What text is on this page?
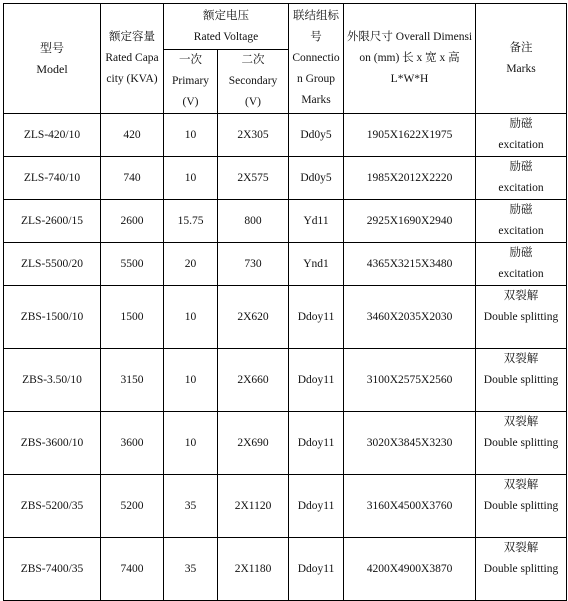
型号
Model	额定容量 Rated Capacity (KVA)	额定电压 Rated Voltage		联结组标号 Connection Group Marks	外限尺寸 Overall Dimension (mm) 长 x 宽 x 高 L*W*H	备注 Marks
		一次 Primary (V)	二次 Secondary (V)			
ZLS-420/10	420	10	2X305	Dd0y5	1905X1622X1975	励磁
excitation

ZLS-740/10	740	10	2X575	Dd0y5	1985X2012X2220	励磁
excitation

ZLS-2600/15	2600	15.75	800	Yd11	2925X1690X2940	励磁
excitation

ZLS-5500/20	5500	20	730	Ynd1	4365X3215X3480	励磁
excitation

ZBS-1500/10	1500	10	2X620	Ddoy11	3460X2035X2030	双裂解
Double splitting

ZBS-3.50/10	3150	10	2X660	Ddoy11	3100X2575X2560	双裂解
Double splitting

ZBS-3600/10	3600	10	2X690	Ddoy11	3020X3845X3230	双裂解
Double splitting

ZBS-5200/35	5200	35	2X1120	Ddoy11	3160X4500X3760	双裂解
Double splitting

ZBS-7400/35	7400	35	2X1180	Ddoy11	4200X4900X3870	双裂解
Double splitting
